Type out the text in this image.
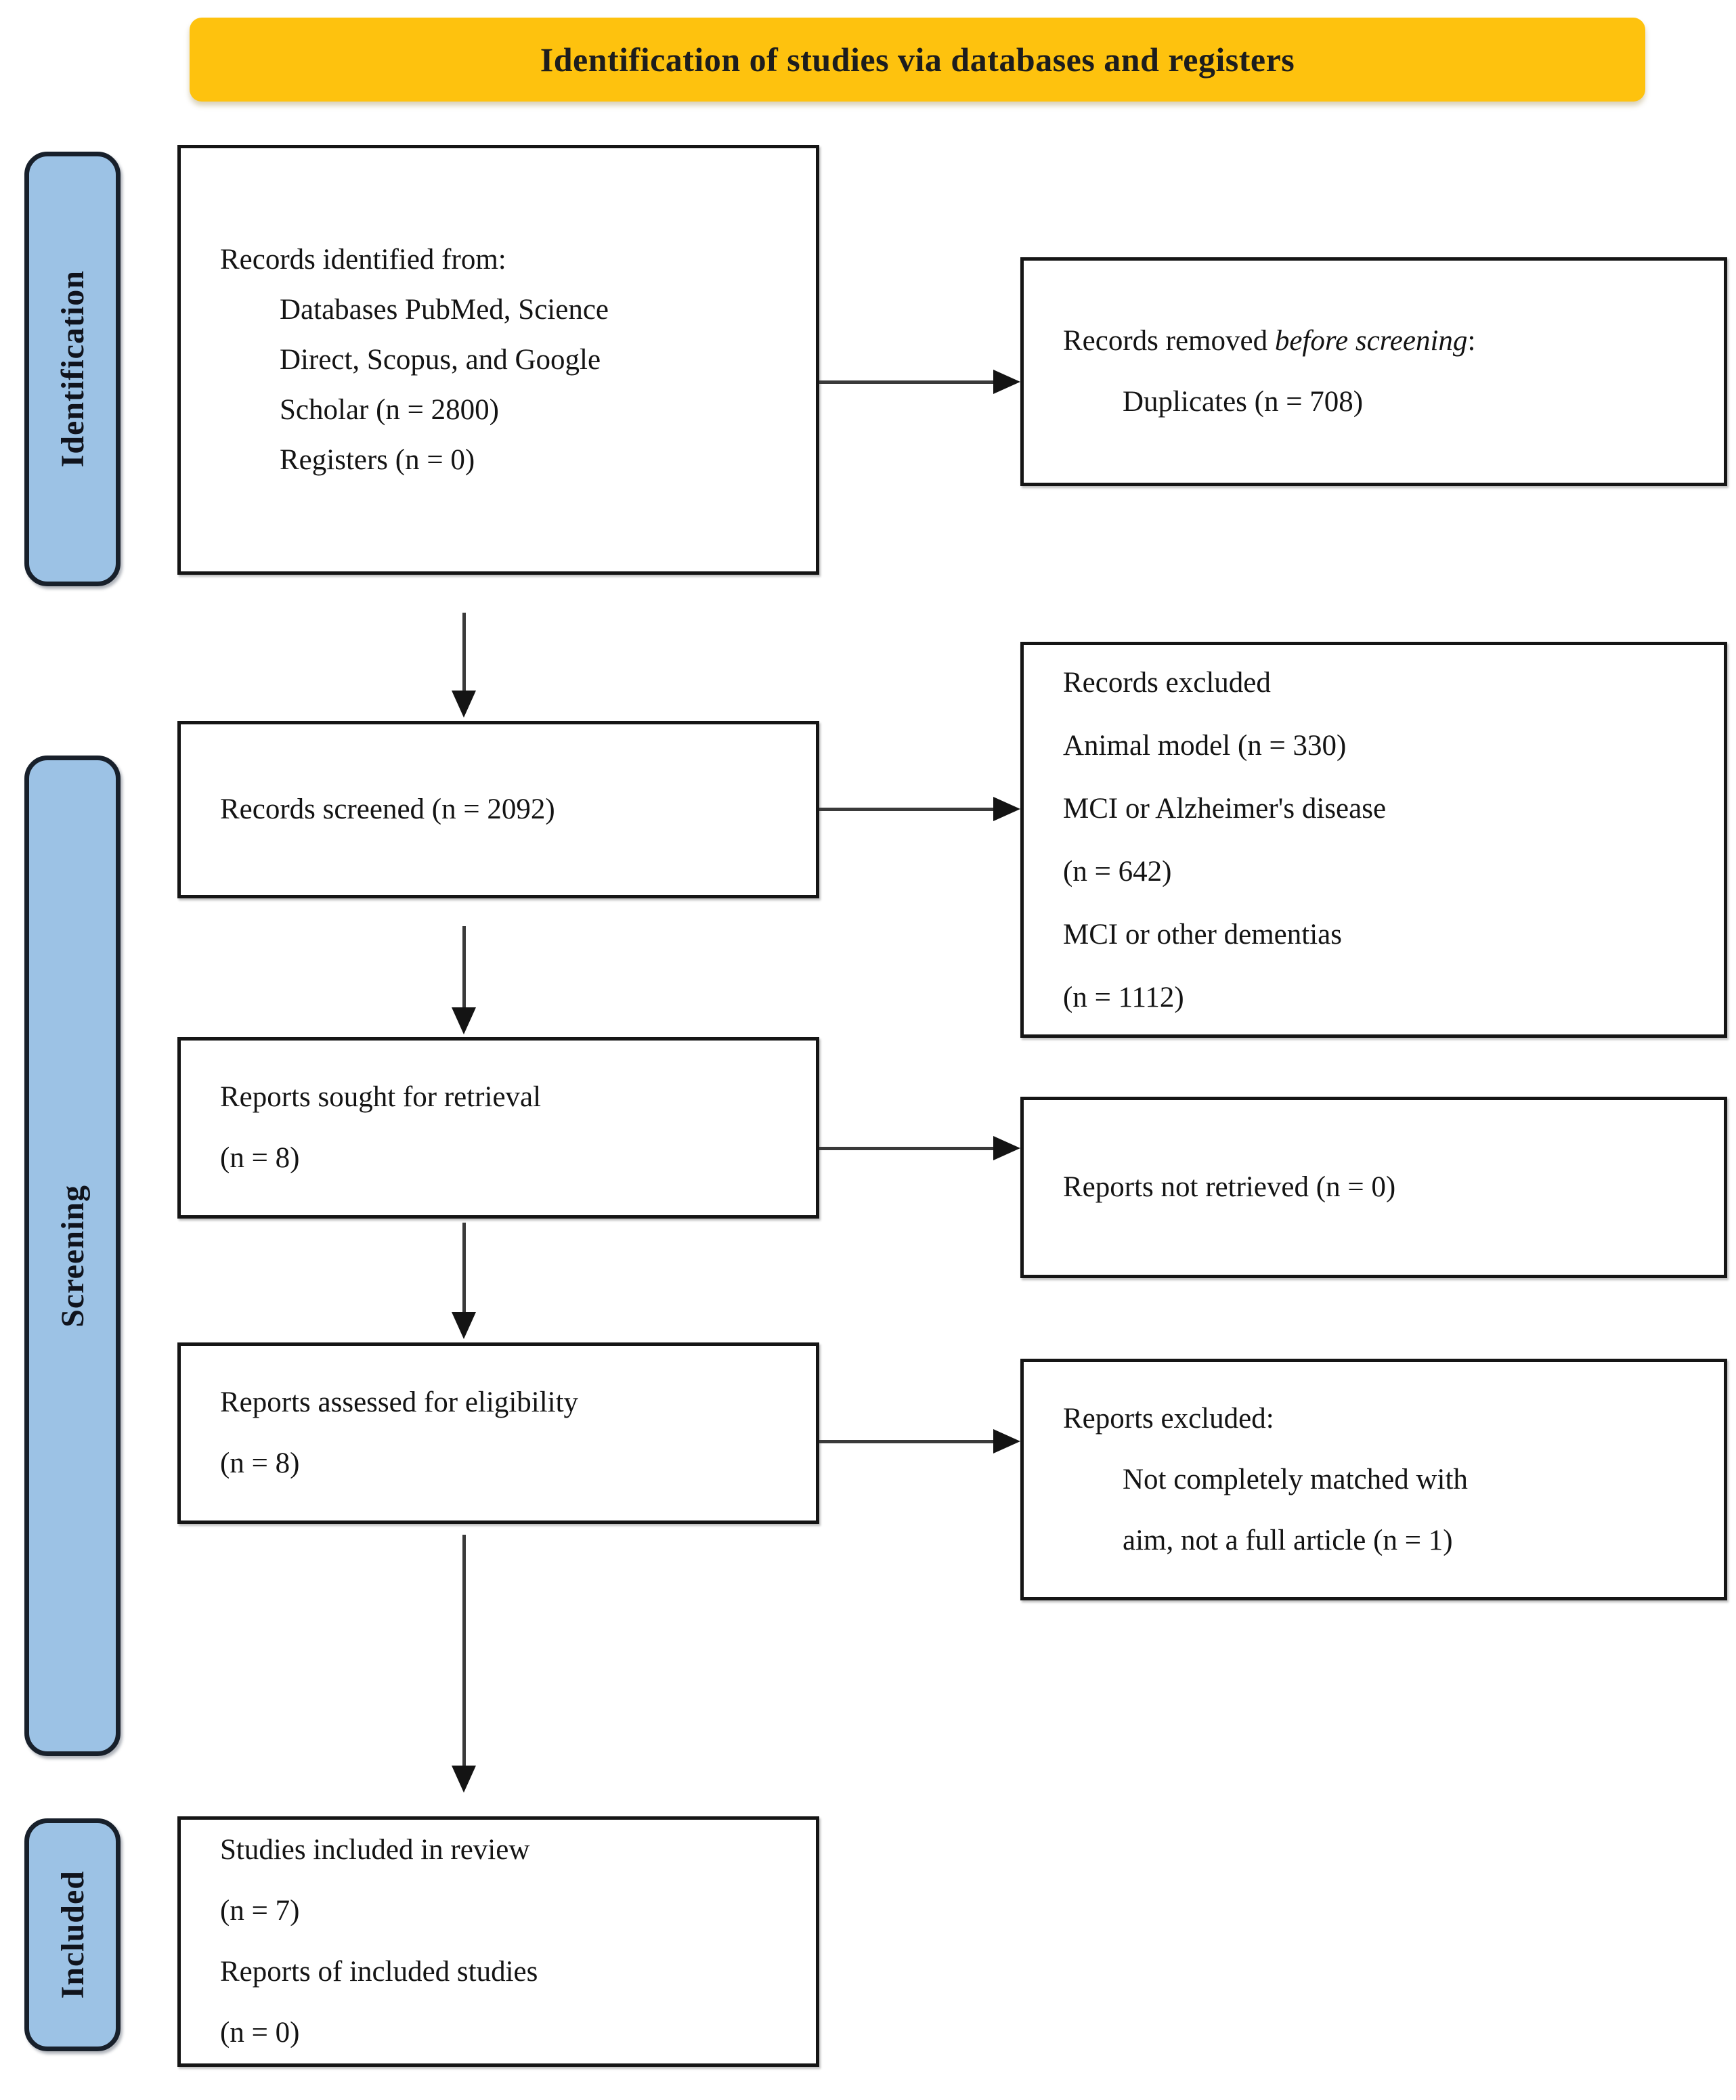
Identification of studies via databases and registers
Identification
Screening
Included
Records identified from:
Databases PubMed, Science
Direct, Scopus, and Google
Scholar (n = 2800)
Registers (n = 0)
Records screened (n = 2092)
Reports sought for retrieval
(n = 8)
Reports assessed for eligibility
(n = 8)
Studies included in review
(n = 7)
Reports of included studies
(n = 0)
Records removed before screening:
Duplicates (n = 708)
Records excluded
Animal model (n = 330)
MCI or Alzheimer's disease
(n = 642)
MCI or other dementias
(n = 1112)
Reports not retrieved (n = 0)
Reports excluded:
Not completely matched with
aim, not a full article (n = 1)
